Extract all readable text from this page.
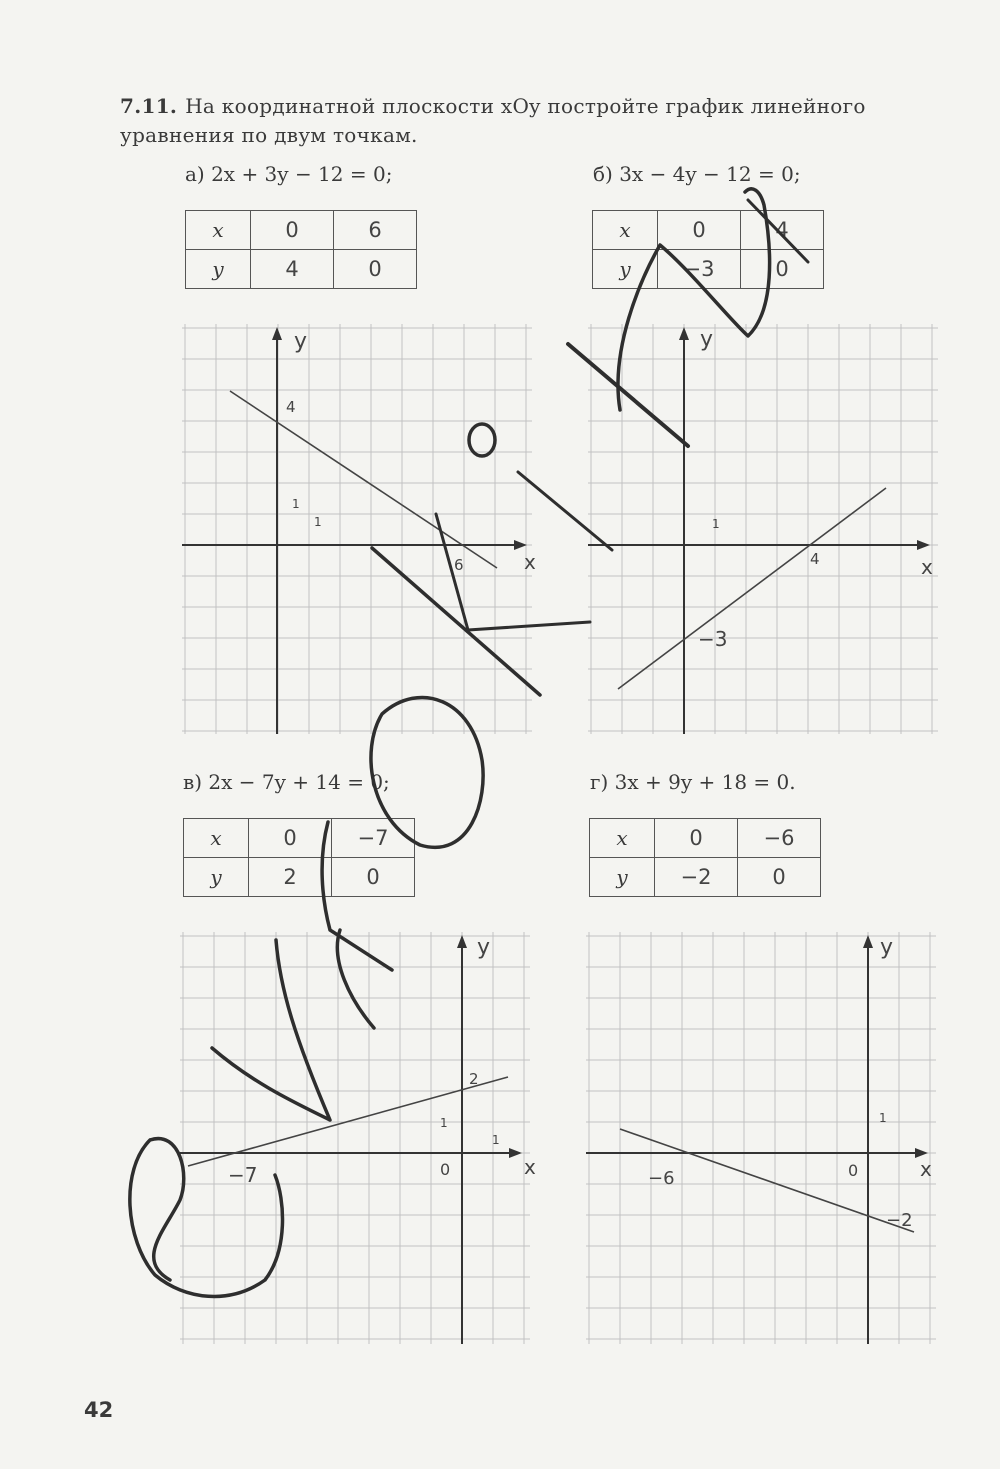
7.11. На координатной плоскости xOy постройте график линейного уравнения по двум точкам.
а) 2x + 3y − 12 = 0;	б) 3x − 4y − 12 = 0;
в) 2x − 7y + 14 = 0;	г) 3x + 9y + 18 = 0.
x	0	6
y	4	0
x	0	4
y	−3	0
x	0	−7
y	2	0
x	0	−6
y	−2	0
y
x
4
6
1
1
y
x
4
−3
1
y
x
2
−7	0
1
1
y
x
−6
−2
0
1
42
